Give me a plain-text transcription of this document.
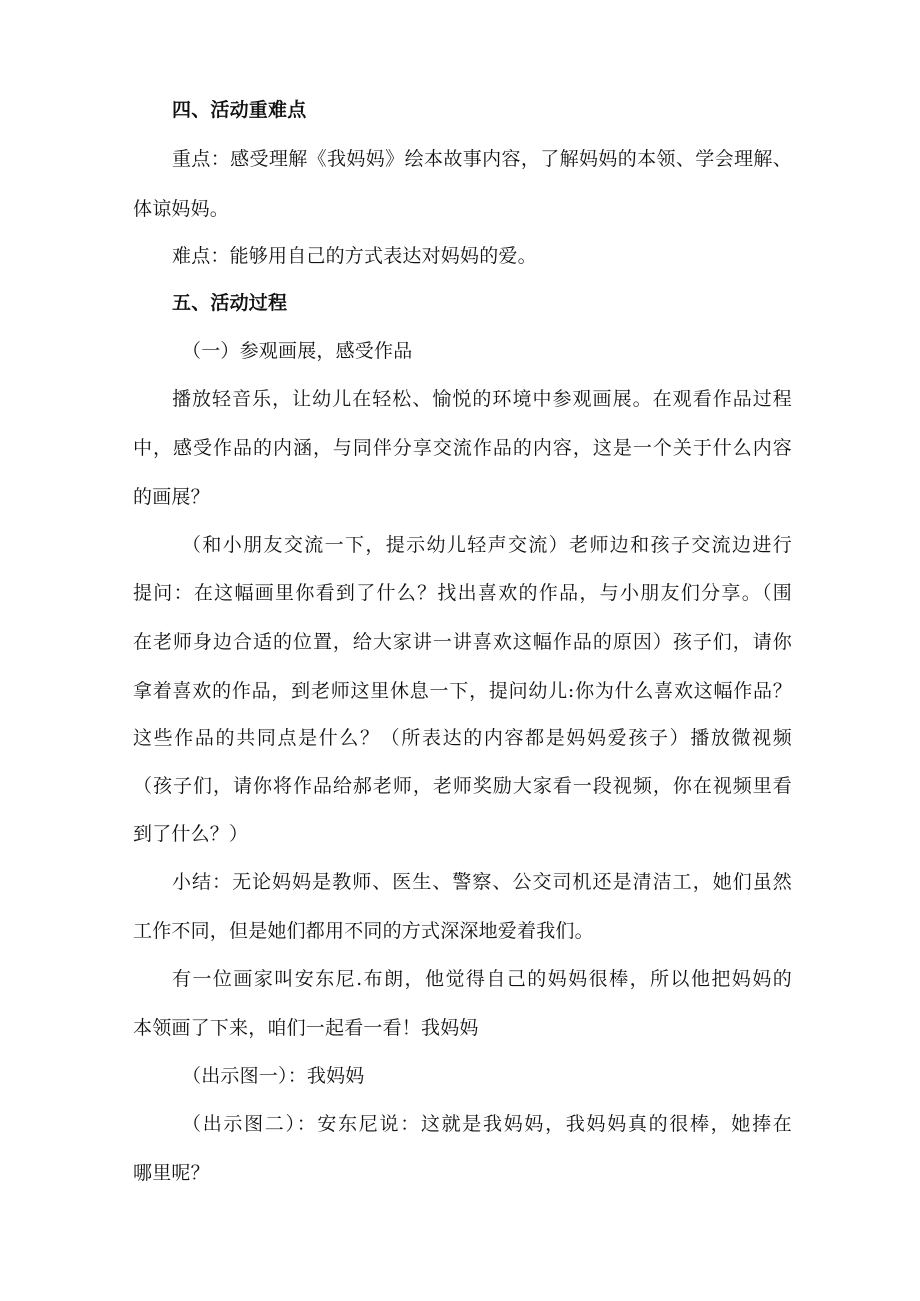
四、活动重难点
重点：感受理解《我妈妈》绘本故事内容，了解妈妈的本领、学会理解、
体谅妈妈。
难点：能够用自己的方式表达对妈妈的爱。
五、活动过程
（一）参观画展，感受作品
播放轻音乐，让幼儿在轻松、愉悦的环境中参观画展。在观看作品过程
中，感受作品的内涵，与同伴分享交流作品的内容，这是一个关于什么内容
的画展？
（和小朋友交流一下，提示幼儿轻声交流）老师边和孩子交流边进行
提问：在这幅画里你看到了什么？找出喜欢的作品，与小朋友们分享。（围
在老师身边合适的位置，给大家讲一讲喜欢这幅作品的原因）孩子们，请你
拿着喜欢的作品，到老师这里休息一下，提问幼儿:你为什么喜欢这幅作品？
这些作品的共同点是什么？（所表达的内容都是妈妈爱孩子）播放微视频
（孩子们，请你将作品给郝老师，老师奖励大家看一段视频，你在视频里看
到了什么？）
小结：无论妈妈是教师、医生、警察、公交司机还是清洁工，她们虽然
工作不同，但是她们都用不同的方式深深地爱着我们。
有一位画家叫安东尼.布朗，他觉得自己的妈妈很棒，所以他把妈妈的
本领画了下来，咱们一起看一看！我妈妈
（出示图一）：我妈妈
（出示图二）：安东尼说：这就是我妈妈，我妈妈真的很棒，她捧在
哪里呢？
